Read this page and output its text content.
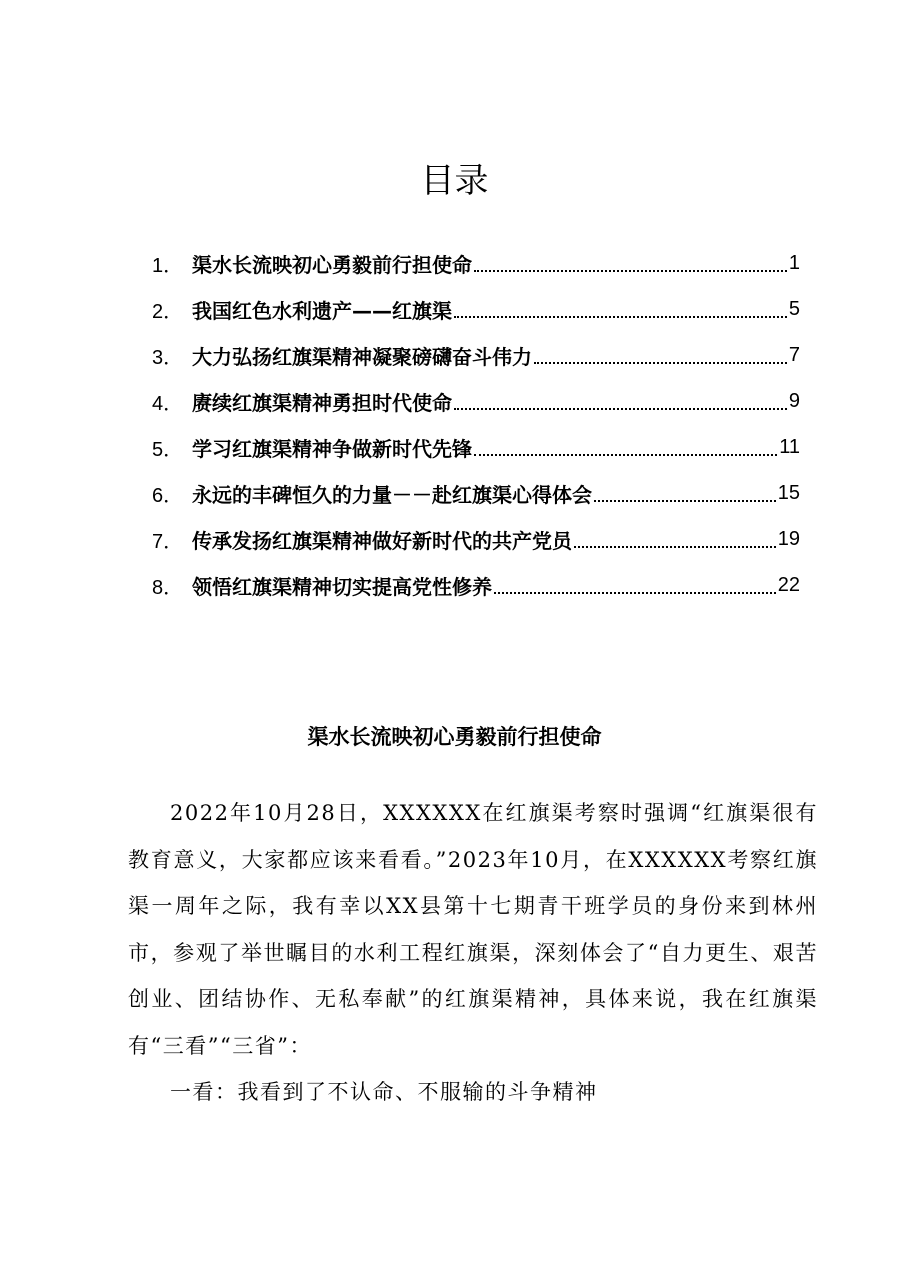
目录
1． 渠水长流映初心勇毅前行担使命	1
2． 我国红色水利遗产——红旗渠	5
3． 大力弘扬红旗渠精神凝聚磅礴奋斗伟力	7
4． 赓续红旗渠精神勇担时代使命	9
5． 学习红旗渠精神争做新时代先锋	11
6． 永远的丰碑恒久的力量－－赴红旗渠心得体会	15
7． 传承发扬红旗渠精神做好新时代的共产党员	19
8． 领悟红旗渠精神切实提高党性修养	22
渠水长流映初心勇毅前行担使命

2022年10月28日，XXXXXX在红旗渠考察时强调“红旗渠很有教育意义，大家都应该来看看。”2023年10月，在XXXXXX考察红旗渠一周年之际，我有幸以XX县第十七期青干班学员的身份来到林州市，参观了举世瞩目的水利工程红旗渠，深刻体会了“自力更生、艰苦创业、团结协作、无私奉献”的红旗渠精神，具体来说，我在红旗渠有“三看”“三省”：

一看：我看到了不认命、不服输的斗争精神
